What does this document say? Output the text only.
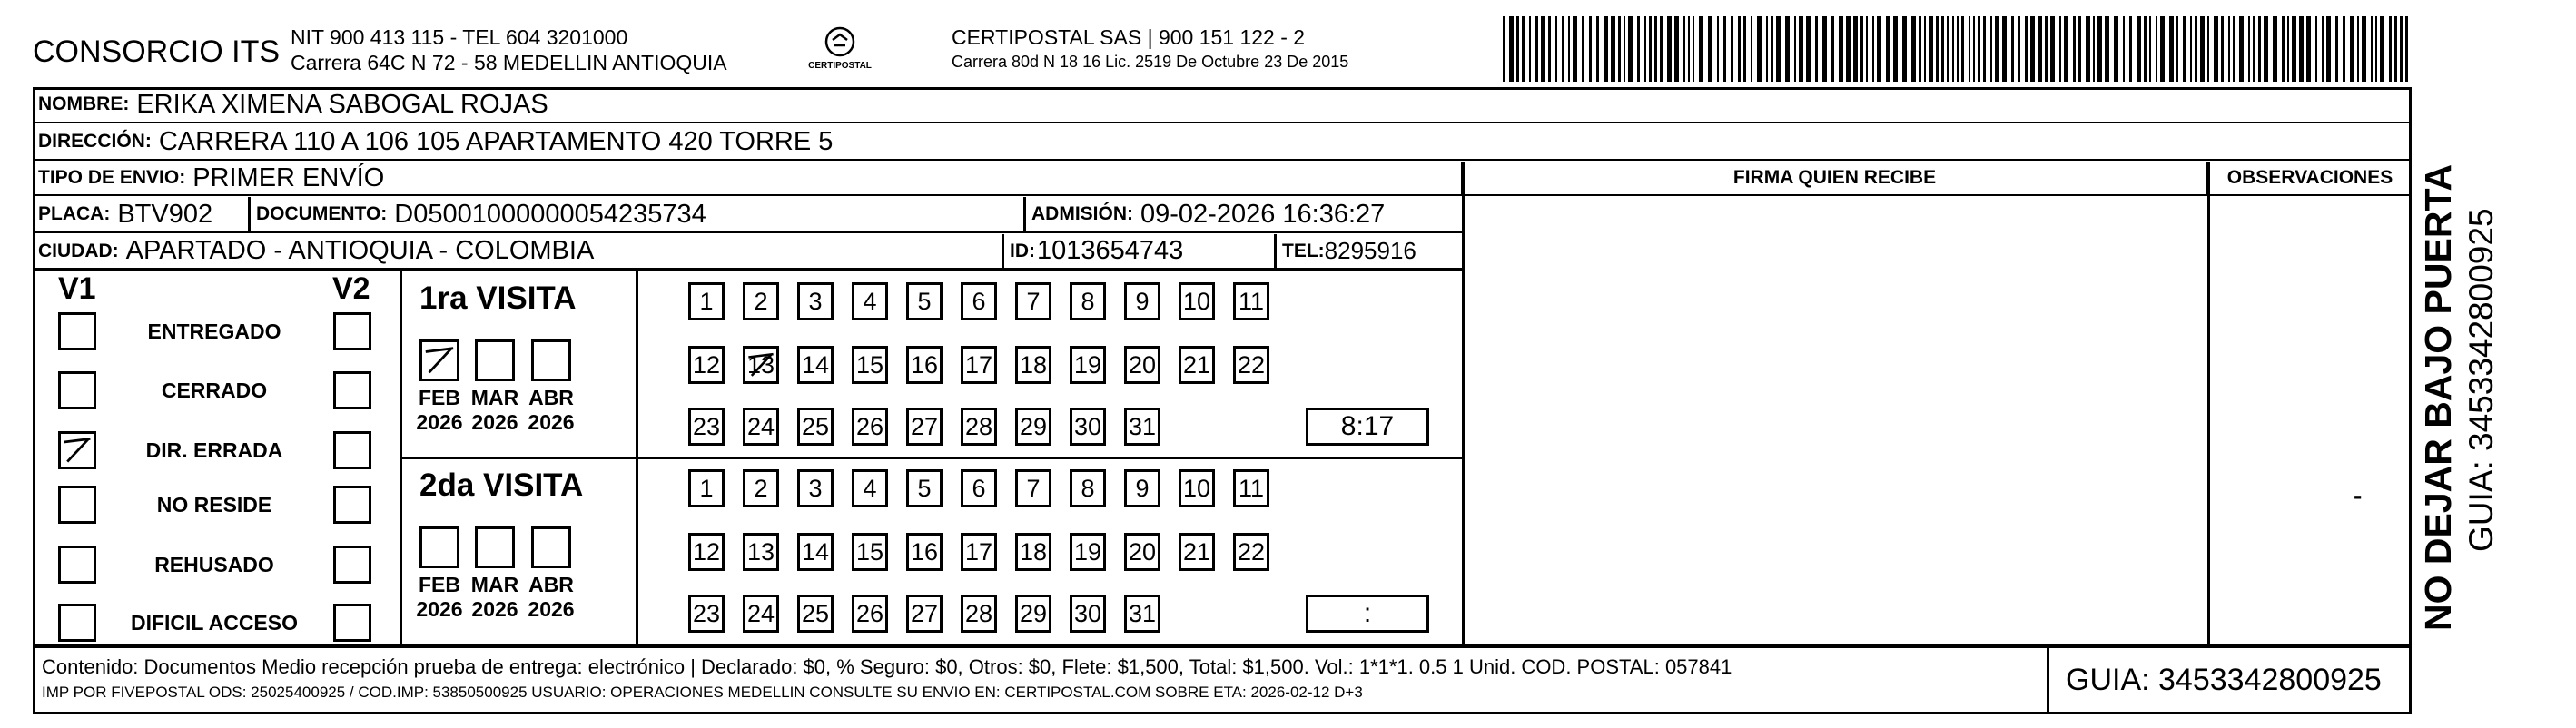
CONSORCIO ITS NIT 900 413 115 - TEL 604 3201000
Carrera 64C N 72 - 58 MEDELLIN ANTIOQUIA	CERTIPOSTAL
CERTIPOSTAL SAS | 900 151 122 - 2
Carrera 80d N 18 16 Lic. 2519 De Octubre 23 De 2015
NOMBRE: ERIKA XIMENA SABOGAL ROJAS
DIRECCIÓN: CARRERA 110 A 106 105 APARTAMENTO 420 TORRE 5
TIPO DE ENVIO: PRIMER ENVÍO	FIRMA QUIEN RECIBE	OBSERVACIONES
PLACA: BTV902 DOCUMENTO: D05001000000054235734	ADMISIÓN: 09-02-2026 16:36:27
CIUDAD: APARTADO - ANTIOQUIA - COLOMBIA	ID: 1013654743	TEL: 8295916
-
V1	V2
ENTREGADO
CERRADO
DIR. ERRADA
NO RESIDE
REHUSADO
DIFICIL ACCESO
1ra VISITA
FEB
2026
MAR
2026
ABR
2026
1	2	3	4	5	6	7	8	9	10 11
12 13 14 15 16 17 18 19 20 21 22
23 24 25 26 27 28 29 30 31	8:17
2da VISITA
FEB
2026
MAR
2026
ABR
2026
1	2	3	4	5	6	7	8	9	10 11
12 13 14 15 16 17 18 19 20 21 22
23 24 25 26 27 28 29 30 31	:
Contenido: Documentos Medio recepción prueba de entrega: electrónico | Declarado: $0, % Seguro: $0, Otros: $0, Flete: $1,500, Total: $1,500. Vol.: 1*1*1. 0.5 1 Unid. COD. POSTAL: 057841
IMP POR FIVEPOSTAL ODS: 25025400925 / COD.IMP: 53850500925 USUARIO: OPERACIONES MEDELLIN CONSULTE SU ENVIO EN: CERTIPOSTAL.COM SOBRE ETA: 2026-02-12 D+3	GUIA: 3453342800925
NO DEJAR BAJO PUERTA GUIA: 3453342800925
